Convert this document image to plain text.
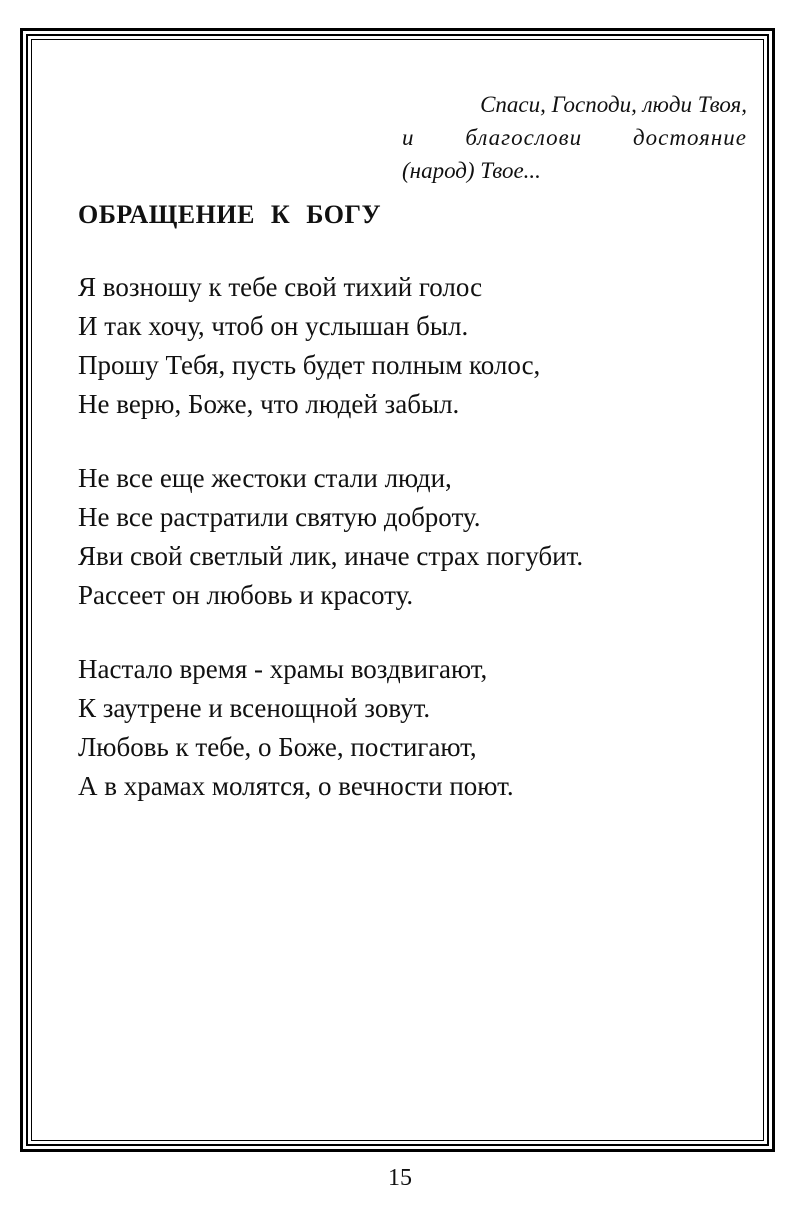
Спаси, Господи, люди Твоя,
и благослови достояние
(народ) Твое...
ОБРАЩЕНИЕ К БОГУ
Я возношу к тебе свой тихий голос
И так хочу, чтоб он услышан был.
Прошу Тебя, пусть будет полным колос,
Не верю, Боже, что людей забыл.
Не все еще жестоки стали люди,
Не все растратили святую доброту.
Яви свой светлый лик, иначе страх погубит.
Рассеет он любовь и красоту.
Настало время - храмы воздвигают,
К заутрене и всенощной зовут.
Любовь к тебе, о Боже, постигают,
А в храмах молятся, о вечности поют.
15
